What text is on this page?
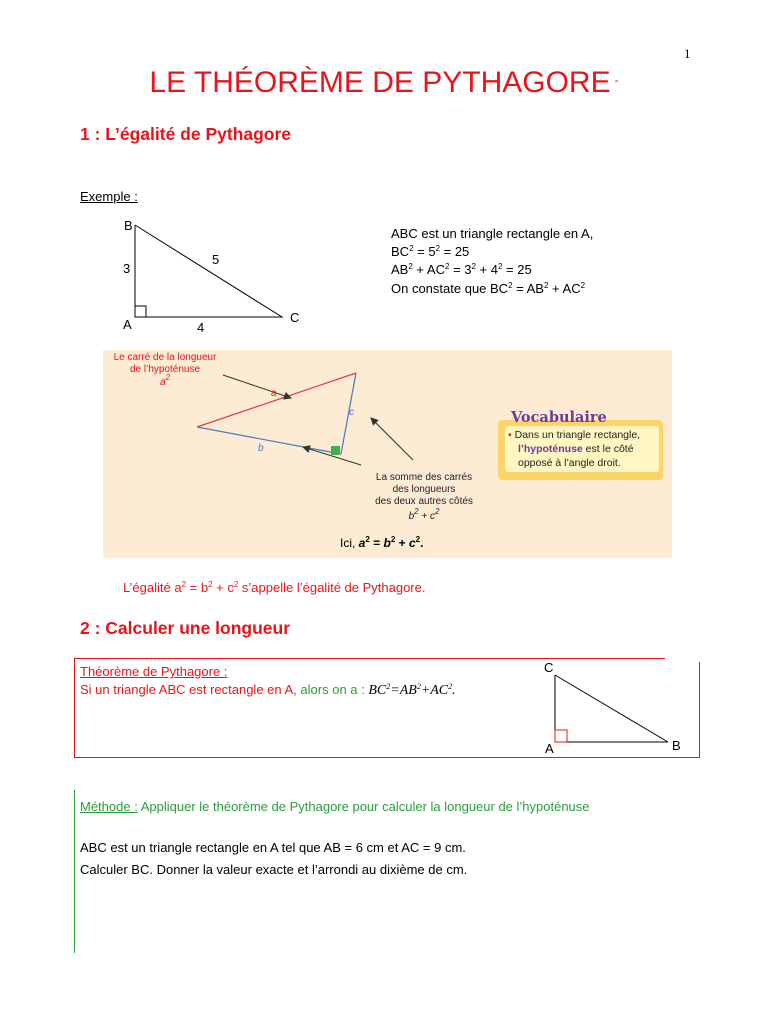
1
LE THÉORÈME DE PYTHAGORE -
1 : L’égalité de Pythagore
Exemple :
B
3
5
A	4
C
ABC est un triangle rectangle en A,
$BC^2 = 5^2 = 25$
$AB^2 + AC^2 = 3^2 + 4^2 = 25$
On constate que $BC^2 = AB^2 + AC^2$
Le carré de la longueur
de l’hypoténuse
$a^2$
a
b
c
La somme des carrés
des longueurs
des deux autres côtés
$b^2 + c^2$
Ici, $a^2 = b^2 + c^2$.
Vocabulaire
• Dans un triangle rectangle,
l’hypoténuse est le côté
opposé à l’angle droit.
L’égalité $a^2 = b^2 + c^2$ s’appelle l’égalité de Pythagore.
2 : Calculer une longueur
Théorème de Pythagore :
Si un triangle ABC est rectangle en A, alors on a : $BC^2=AB^2+AC^2$.
C
A	B
Méthode : Appliquer le théorème de Pythagore pour calculer la longueur de l’hypoténuse
ABC est un triangle rectangle en A tel que AB = 6 cm et AC = 9 cm.
Calculer BC. Donner la valeur exacte et l’arrondi au dixième de cm.
